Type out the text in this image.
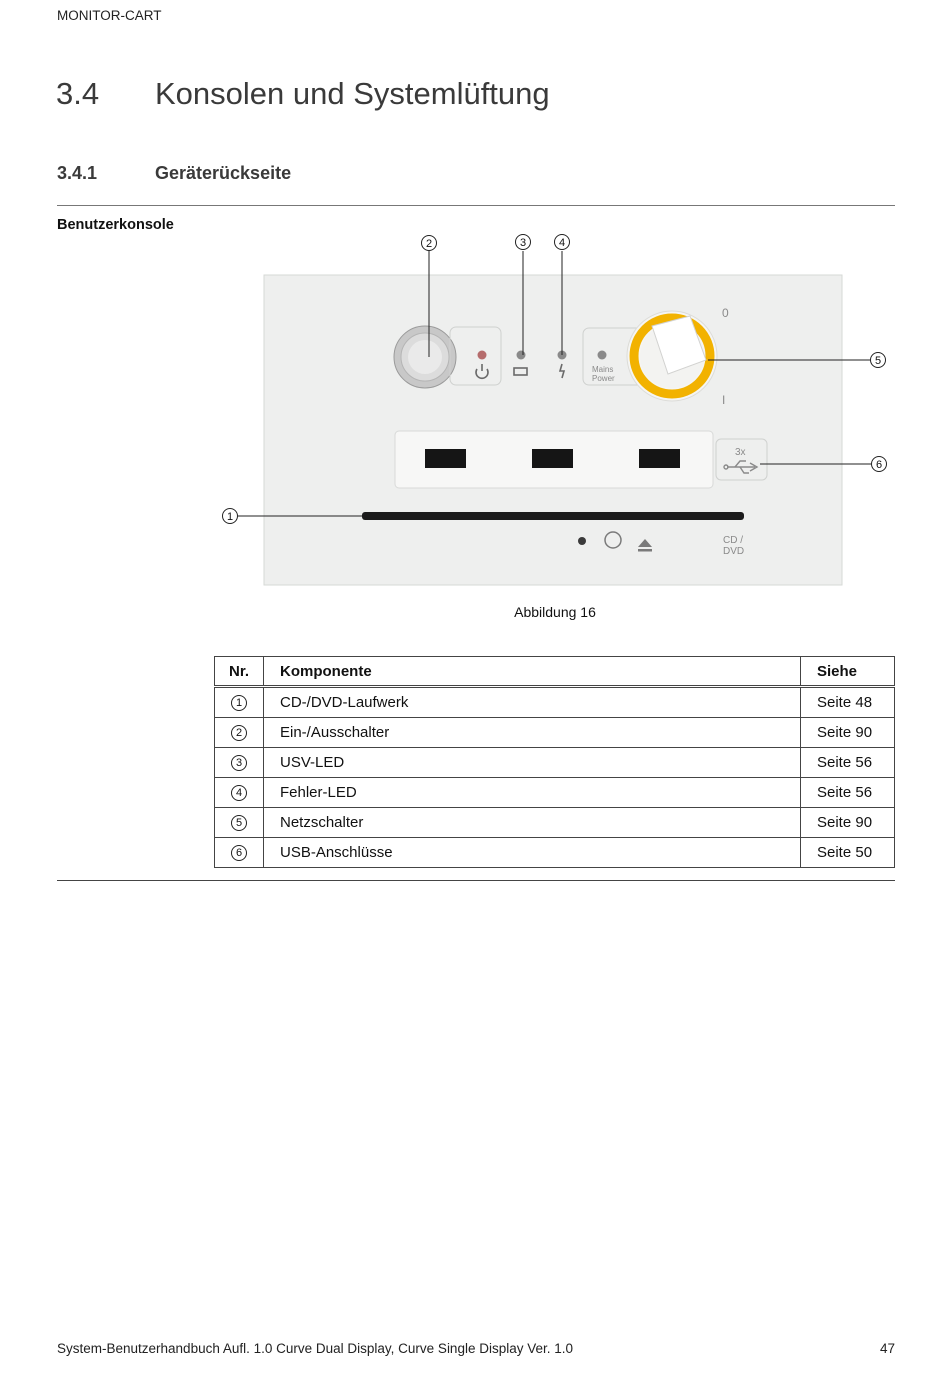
MONITOR-CART
3.4 Konsolen und Systemlüftung
3.4.1	Geräterückseite
Benutzerkonsole
Mains
Power
0
I
3x
CD /
DVD
1
2	3	4
5
6
Abbildung 16
Nr.	Komponente	Siehe
1	CD-/DVD-Laufwerk	Seite 48
2	Ein-/Ausschalter	Seite 90
3	USV-LED	Seite 56
4	Fehler-LED	Seite 56
5	Netzschalter	Seite 90
6	USB-Anschlüsse	Seite 50
System-Benutzerhandbuch Aufl. 1.0 Curve Dual Display, Curve Single Display Ver. 1.0	47
